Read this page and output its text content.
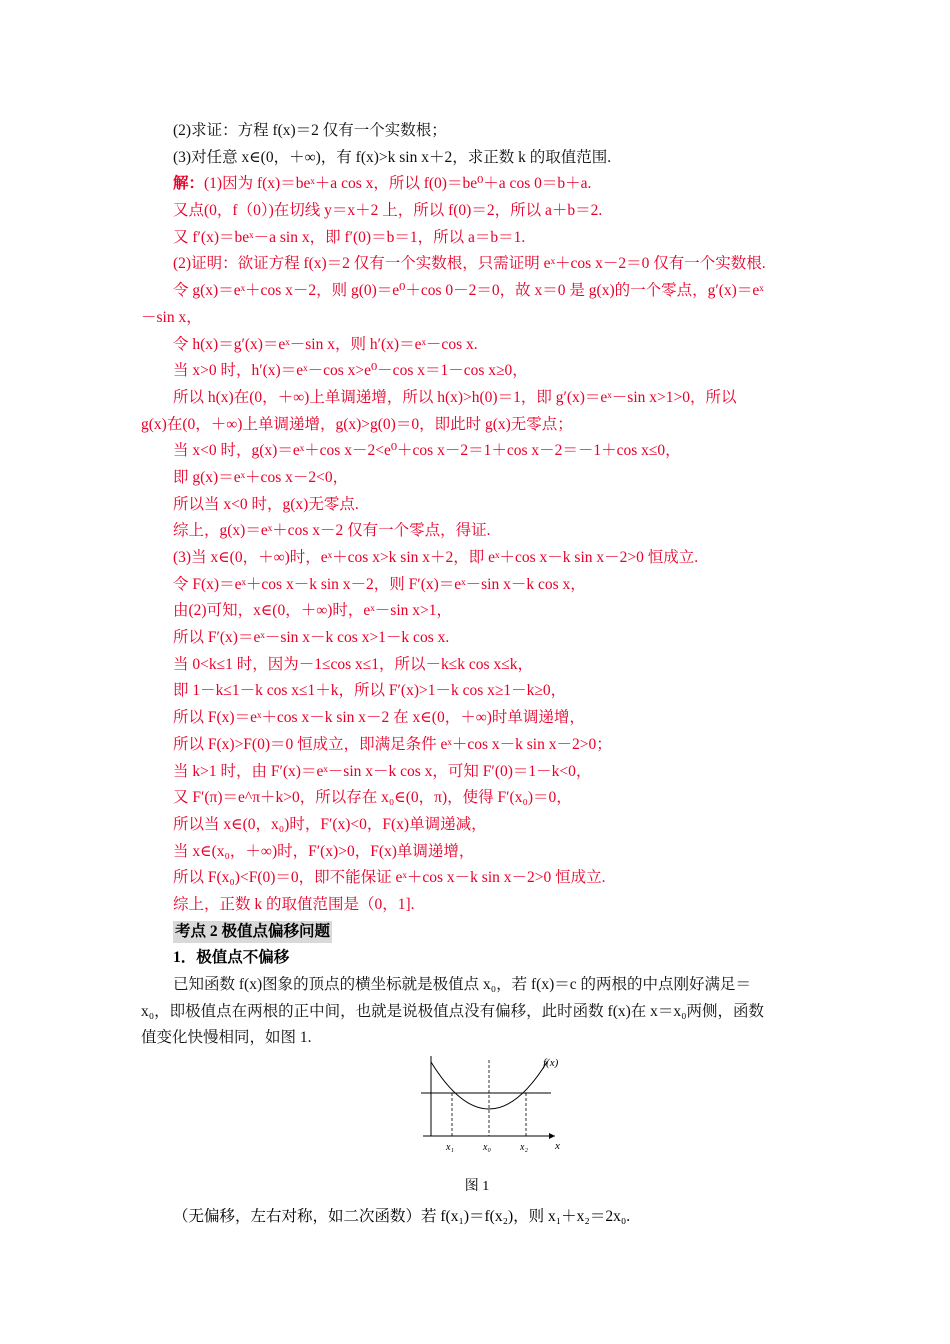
(2)求证：方程 f(x)＝2 仅有一个实数根；
(3)对任意 x∈(0，＋∞)，有 f(x)>k sin x＋2，求正数 k 的取值范围.
解：(1)因为 f(x)＝beˣ＋a cos x，所以 f(0)＝be⁰＋a cos 0＝b＋a.
又点(0，f（0）)在切线 y＝x＋2 上，所以 f(0)＝2，所以 a＋b＝2.
又 f′(x)＝beˣ－a sin x，即 f′(0)＝b＝1，所以 a＝b＝1.
(2)证明：欲证方程 f(x)＝2 仅有一个实数根，只需证明 eˣ＋cos x－2＝0 仅有一个实数根.
令 g(x)＝eˣ＋cos x－2，则 g(0)＝e⁰＋cos 0－2＝0，故 x＝0 是 g(x)的一个零点，g′(x)＝eˣ
－sin x，
令 h(x)＝g′(x)＝eˣ－sin x，则 h′(x)＝eˣ－cos x.
当 x>0 时，h′(x)＝eˣ－cos x>e⁰－cos x＝1－cos x≥0，
所以 h(x)在(0，＋∞)上单调递增，所以 h(x)>h(0)＝1，即 g′(x)＝eˣ－sin x>1>0，所以
g(x)在(0，＋∞)上单调递增，g(x)>g(0)＝0，即此时 g(x)无零点；
当 x<0 时，g(x)＝eˣ＋cos x－2<e⁰＋cos x－2＝1＋cos x－2＝－1＋cos x≤0，
即 g(x)＝eˣ＋cos x－2<0，
所以当 x<0 时，g(x)无零点.
综上，g(x)＝eˣ＋cos x－2 仅有一个零点，得证.
(3)当 x∈(0，＋∞)时，eˣ＋cos x>k sin x＋2，即 eˣ＋cos x－k sin x－2>0 恒成立.
令 F(x)＝eˣ＋cos x－k sin x－2，则 F′(x)＝eˣ－sin x－k cos x，
由(2)可知，x∈(0，＋∞)时，eˣ－sin x>1，
所以 F′(x)＝eˣ－sin x－k cos x>1－k cos x.
当 0<k≤1 时，因为－1≤cos x≤1，所以－k≤k cos x≤k，
即 1－k≤1－k cos x≤1＋k，所以 F′(x)>1－k cos x≥1－k≥0，
所以 F(x)＝eˣ＋cos x－k sin x－2 在 x∈(0，＋∞)时单调递增，
所以 F(x)>F(0)＝0 恒成立，即满足条件 eˣ＋cos x－k sin x－2>0；
当 k>1 时，由 F′(x)＝eˣ－sin x－k cos x，可知 F′(0)＝1－k<0，
又 F′(π)＝e^π＋k>0，所以存在 x₀∈(0，π)，使得 F′(x₀)＝0，
所以当 x∈(0，x₀)时，F′(x)<0，F(x)单调递减，
当 x∈(x₀，＋∞)时，F′(x)>0，F(x)单调递增，
所以 F(x₀)<F(0)＝0，即不能保证 eˣ＋cos x－k sin x－2>0 恒成立.
综上，正数 k 的取值范围是（0，1].
考点 2 极值点偏移问题
1．极值点不偏移
已知函数 f(x)图象的顶点的横坐标就是极值点 x₀，若 f(x)＝c 的两根的中点刚好满足＝
x₀，即极值点在两根的正中间，也就是说极值点没有偏移，此时函数 f(x)在 x＝x₀两侧，函数
值变化快慢相同，如图 1.
f(x)
x
x₁	x₀	x₂
图 1
（无偏移，左右对称，如二次函数）若 f(x₁)＝f(x₂)，则 x₁＋x₂＝2x₀.
